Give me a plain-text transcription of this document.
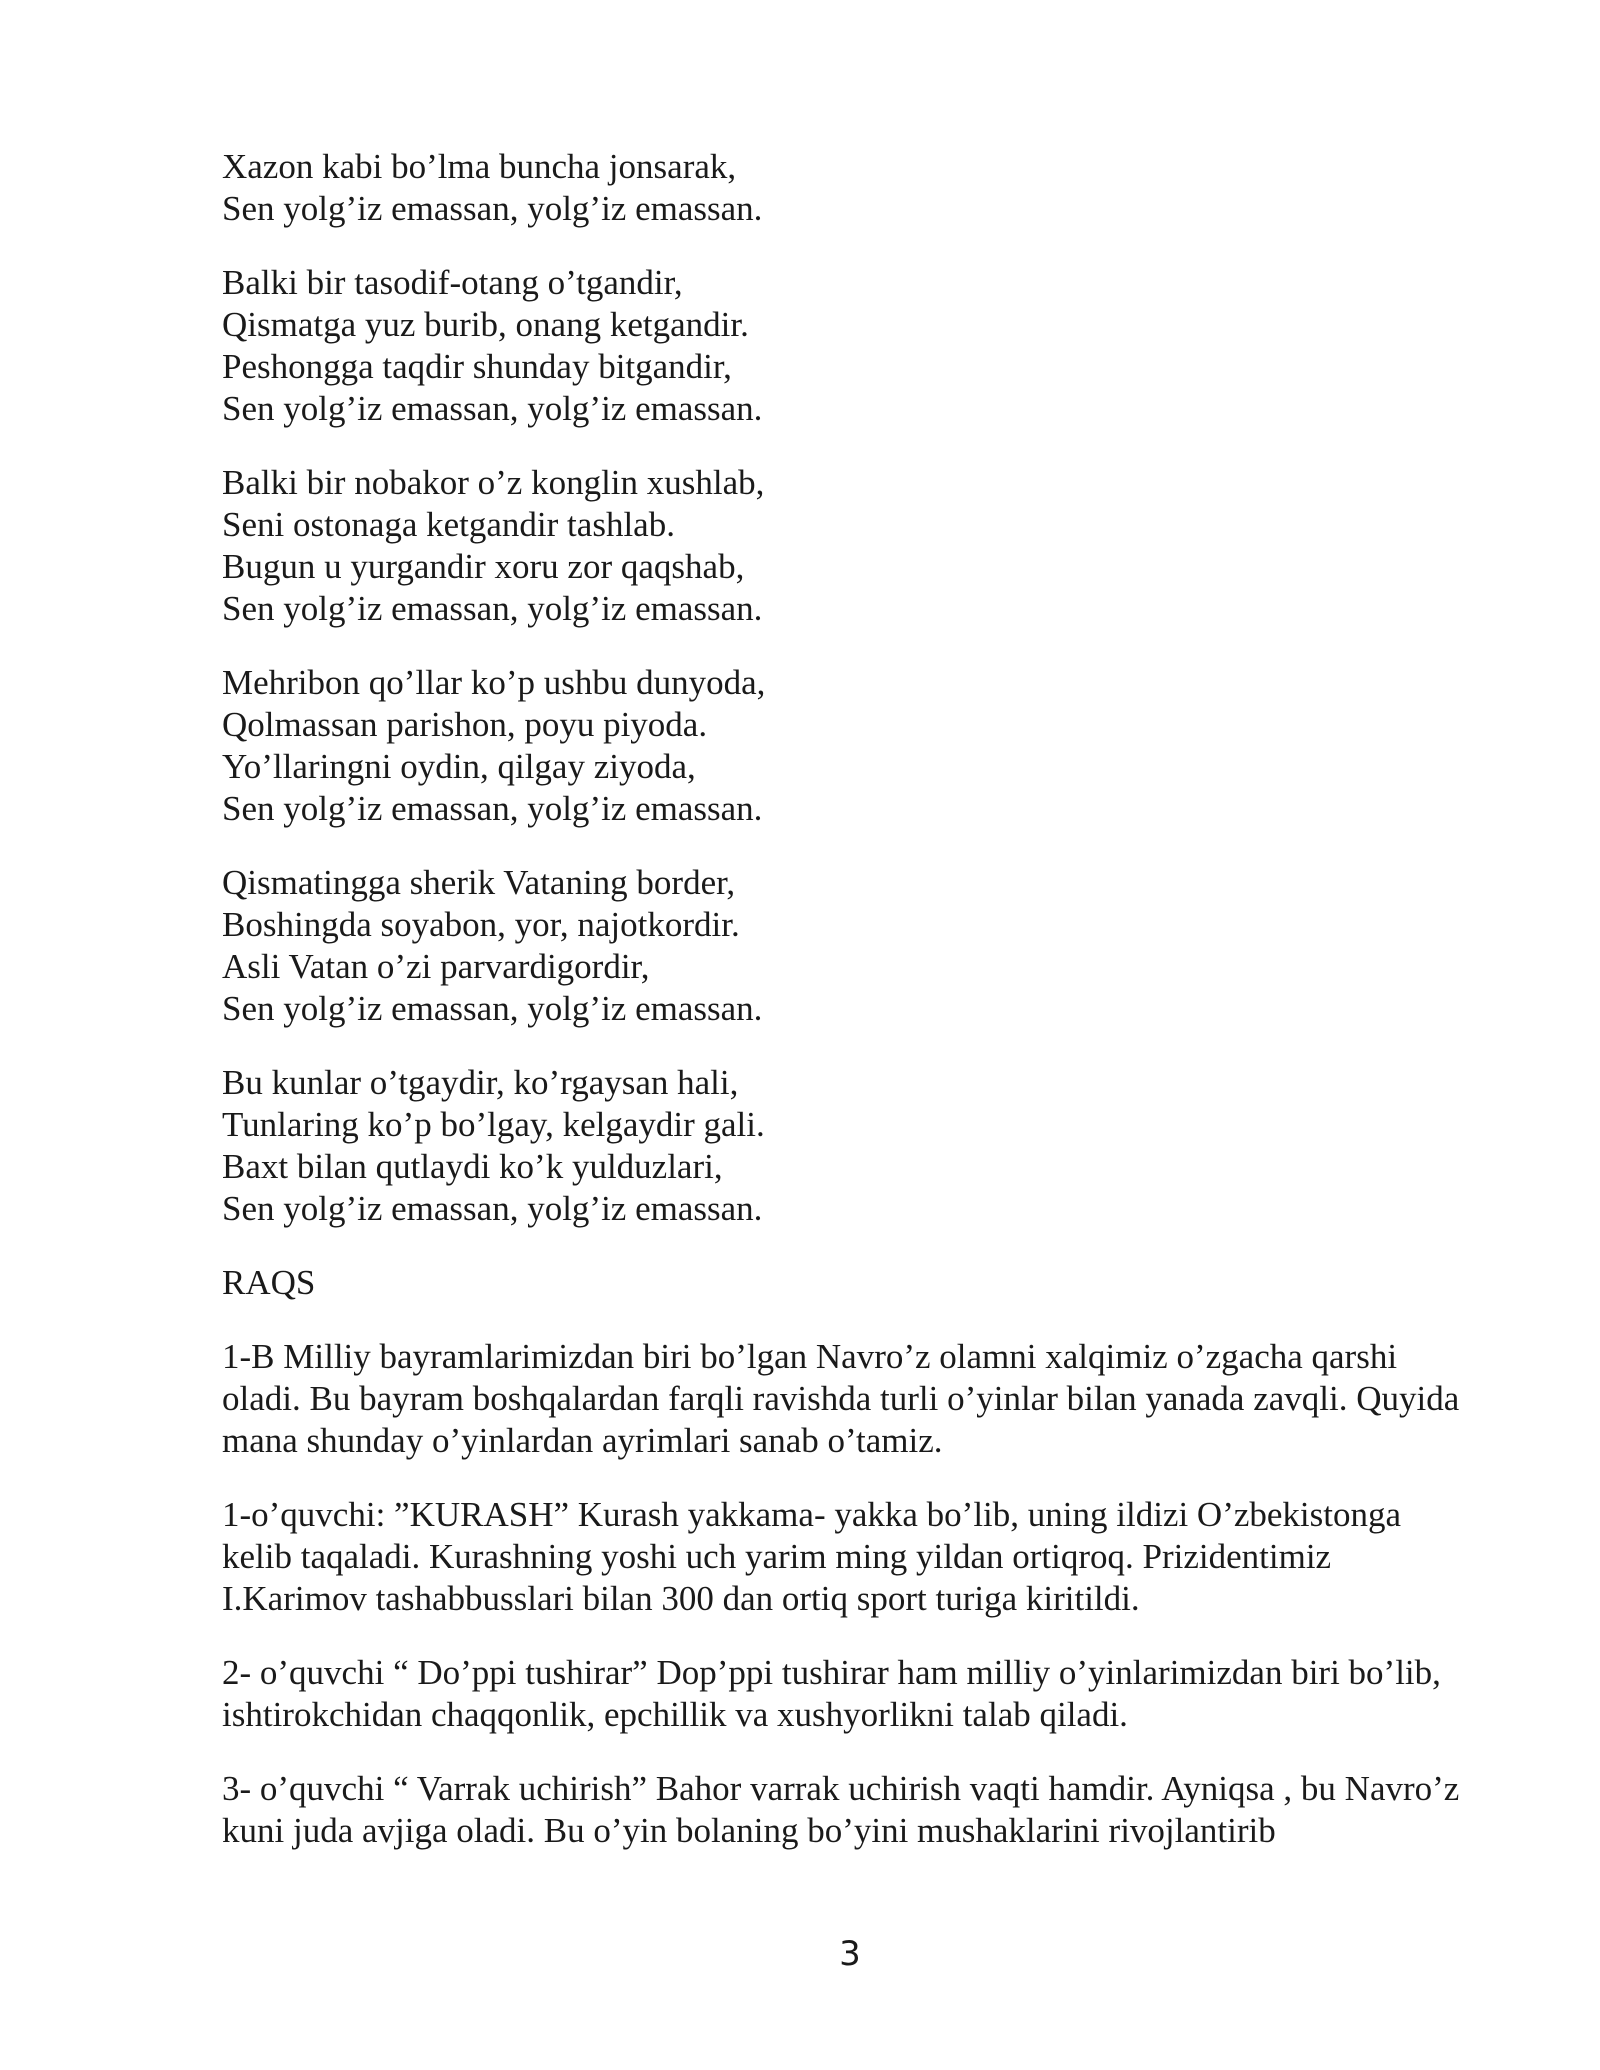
Xazon kabi bo’lma buncha jonsarak,
Sen yolg’iz emassan, yolg’iz emassan.
Balki bir tasodif-otang o’tgandir,
Qismatga yuz burib, onang ketgandir.
Peshongga taqdir shunday bitgandir,
Sen yolg’iz emassan, yolg’iz emassan.
Balki bir nobakor o’z konglin xushlab,
Seni ostonaga ketgandir tashlab.
Bugun u yurgandir xoru zor qaqshab,
Sen yolg’iz emassan, yolg’iz emassan.
Mehribon qo’llar ko’p ushbu dunyoda,
Qolmassan parishon, poyu piyoda.
Yo’llaringni oydin, qilgay ziyoda,
Sen yolg’iz emassan, yolg’iz emassan.
Qismatingga sherik Vataning border,
Boshingda soyabon, yor, najotkordir.
Asli Vatan o’zi parvardigordir,
Sen yolg’iz emassan, yolg’iz emassan.
Bu kunlar o’tgaydir, ko’rgaysan hali,
Tunlaring ko’p bo’lgay, kelgaydir gali.
Baxt bilan qutlaydi ko’k yulduzlari,
Sen yolg’iz emassan, yolg’iz emassan.
RAQS

1-B Milliy bayramlarimizdan biri bo’lgan Navro’z olamni xalqimiz o’zgacha qarshi oladi. Bu bayram boshqalardan farqli ravishda turli o’yinlar bilan yanada zavqli. Quyida mana shunday o’yinlardan ayrimlari sanab o’tamiz.

1-o’quvchi: ”KURASH” Kurash yakkama- yakka bo’lib, uning ildizi O’zbekistonga kelib taqaladi. Kurashning yoshi uch yarim ming yildan ortiqroq. Prizidentimiz I.Karimov tashabbusslari bilan 300 dan ortiq sport turiga kiritildi.

2- o’quvchi “ Do’ppi tushirar” Dop’ppi tushirar ham milliy o’yinlarimizdan biri bo’lib, ishtirokchidan chaqqonlik, epchillik va xushyorlikni talab qiladi.

3- o’quvchi “ Varrak uchirish” Bahor varrak uchirish vaqti hamdir. Ayniqsa , bu Navro’z kuni juda avjiga oladi. Bu o’yin bolaning bo’yini mushaklarini rivojlantirib

3
